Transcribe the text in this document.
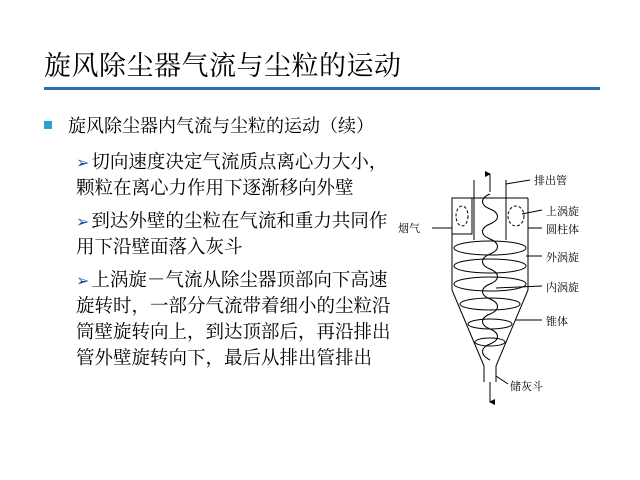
旋风除尘器气流与尘粒的运动
旋风除尘器内气流与尘粒的运动（续）
➢ 切向速度决定气流质点离心力大小，颗粒在离心力作用下逐渐移向外壁
➢ 到达外壁的尘粒在气流和重力共同作用下沿壁面落入灰斗
➢ 上涡旋－气流从除尘器顶部向下高速旋转时，一部分气流带着细小的尘粒沿筒壁旋转向上，到达顶部后，再沿排出管外壁旋转向下，最后从排出管排出
排出管
烟气
上涡旋
圆柱体
外涡旋
内涡旋
锥体
储灰斗
